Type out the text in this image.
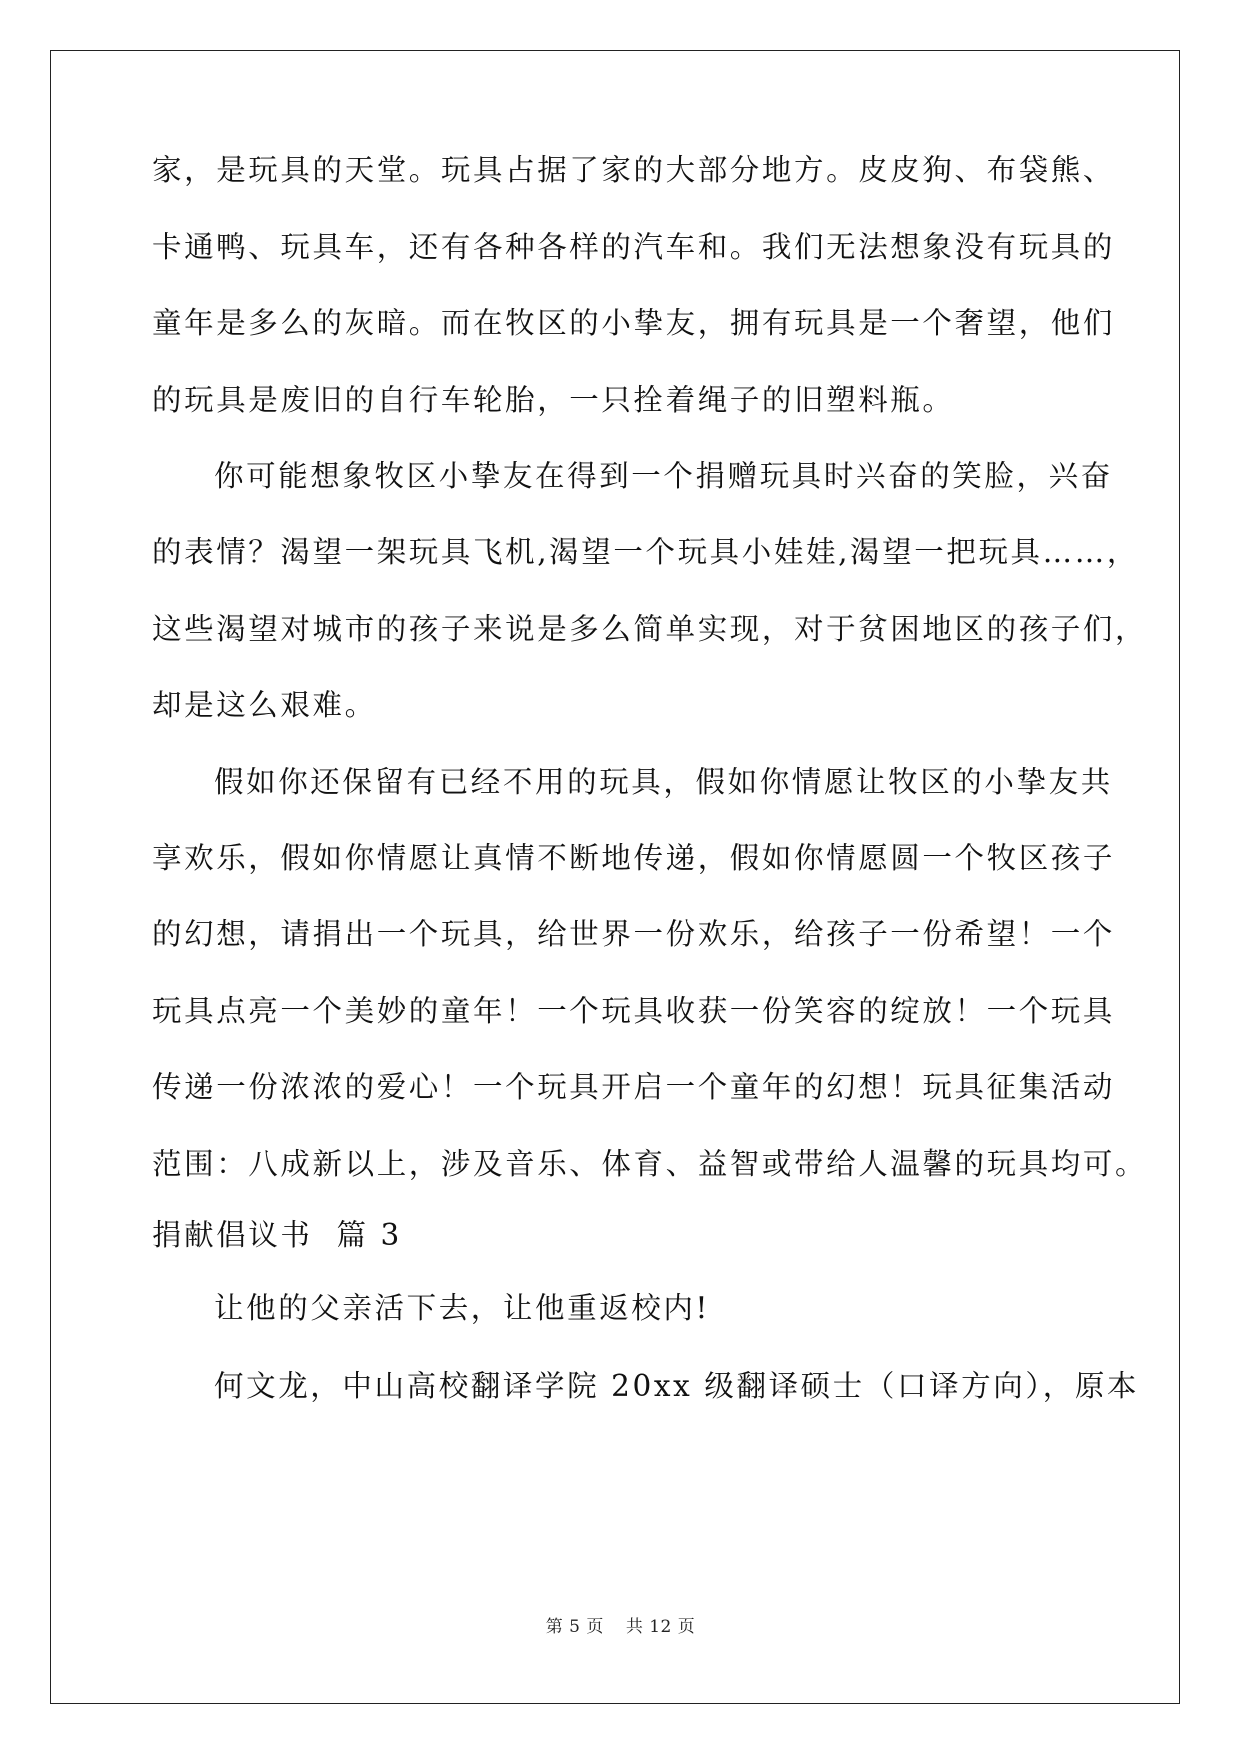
家，是玩具的天堂。玩具占据了家的大部分地方。皮皮狗、布袋熊、
卡通鸭、玩具车，还有各种各样的汽车和。我们无法想象没有玩具的
童年是多么的灰暗。而在牧区的小挚友，拥有玩具是一个奢望，他们
的玩具是废旧的自行车轮胎，一只拴着绳子的旧塑料瓶。
你可能想象牧区小挚友在得到一个捐赠玩具时兴奋的笑脸，兴奋
的表情？渴望一架玩具飞机,渴望一个玩具小娃娃,渴望一把玩具……，
这些渴望对城市的孩子来说是多么简单实现，对于贫困地区的孩子们，
却是这么艰难。
假如你还保留有已经不用的玩具，假如你情愿让牧区的小挚友共
享欢乐，假如你情愿让真情不断地传递，假如你情愿圆一个牧区孩子
的幻想，请捐出一个玩具，给世界一份欢乐，给孩子一份希望！一个
玩具点亮一个美妙的童年！一个玩具收获一份笑容的绽放！一个玩具
传递一份浓浓的爱心！一个玩具开启一个童年的幻想！玩具征集活动
范围：八成新以上，涉及音乐、体育、益智或带给人温馨的玩具均可。
捐献倡议书  篇 3
让他的父亲活下去，让他重返校内!
何文龙，中山高校翻译学院 20xx 级翻译硕士（口译方向），原本
第 5 页 共 12 页
